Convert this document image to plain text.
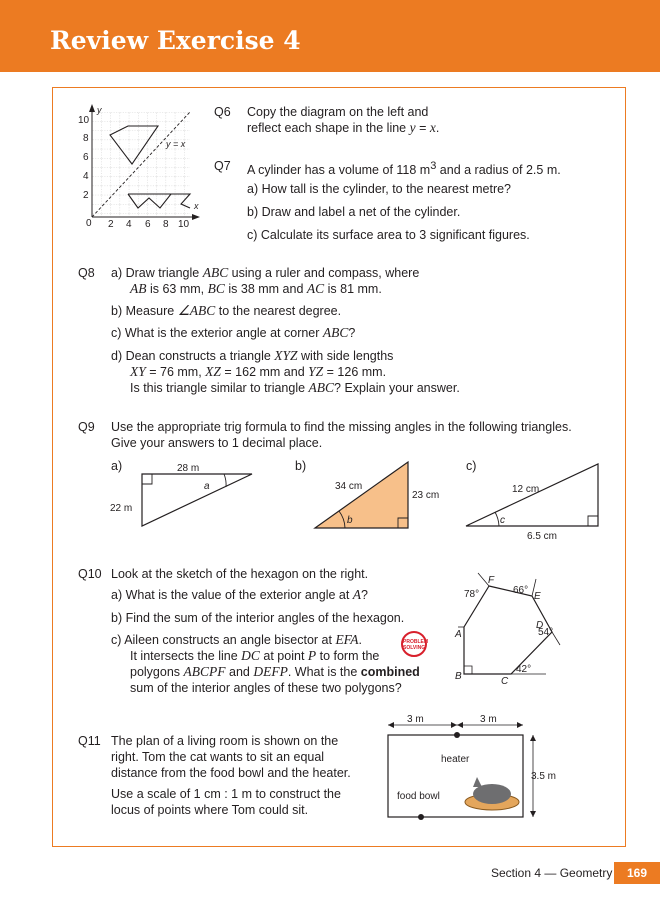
Review Exercise 4
10
8
6
4
2
0 2 4 6 8 10
y
x
y = x
Q6 Copy the diagram on the left and
reflect each shape in the line y = x.
Q7 A cylinder has a volume of 118 $m^3$ and a radius of 2.5 m.
a) How tall is the cylinder, to the nearest metre?
b) Draw and label a net of the cylinder.
c) Calculate its surface area to 3 significant figures.
Q8 a) Draw triangle ABC using a ruler and compass, where
AB is 63 mm, BC is 38 mm and AC is 81 mm.
b) Measure ∠ABC to the nearest degree.
c) What is the exterior angle at corner ABC?
d) Dean constructs a triangle XYZ with side lengths
XY = 76 mm, XZ = 162 mm and YZ = 126 mm.
Is this triangle similar to triangle ABC? Explain your answer.
Q9 Use the appropriate trig formula to find the missing angles in the following triangles.
Give your answers to 1 decimal place.
a)	b)	c)
28 m
22 m
a	34 cm
23 cm
b
12 cm
6.5 cm
c
Q10 Look at the sketch of the hexagon on the right.
a) What is the value of the exterior angle at A?
b) Find the sum of the interior angles of the hexagon.
c) Aileen constructs an angle bisector at EFA.
It intersects the line DC at point P to form the
polygons ABCPF and DEFP. What is the combined
sum of the interior angles of these two polygons?
PROBLEM SOLVING
F
E
D
C
B
A
78°	66°
54°
42°
Q11 The plan of a living room is shown on the
right. Tom the cat wants to sit an equal
distance from the food bowl and the heater.
Use a scale of 1 cm : 1 m to construct the
locus of points where Tom could sit.
3 m	3 m
3.5 m
heater
food bowl
Section 4 — Geometry	169
